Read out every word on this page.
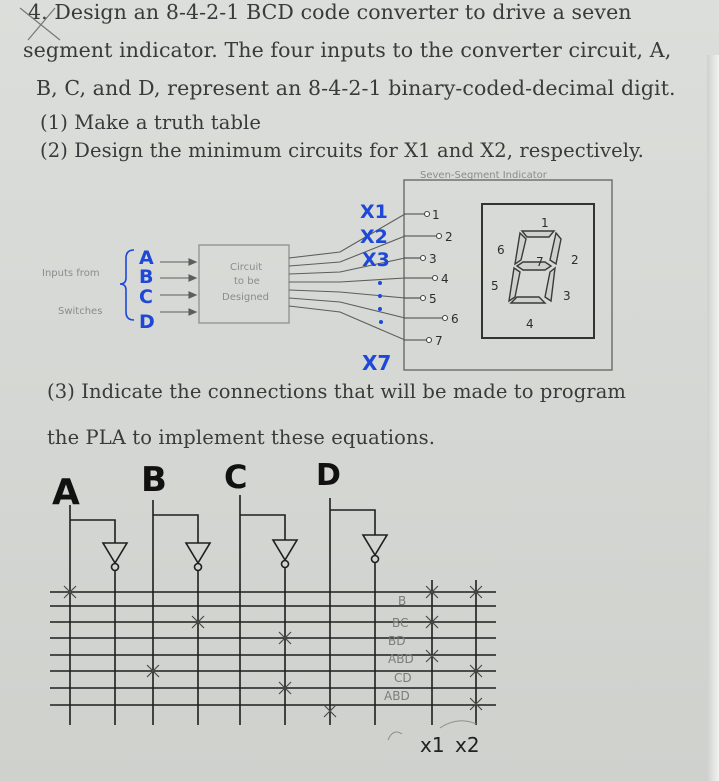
4. Design an 8-4-2-1 BCD code converter to drive a seven
segment indicator. The four inputs to the converter circuit, A,
B, C, and D, represent an 8-4-2-1 binary-coded-decimal digit.
(1) Make a truth table
(2) Design the minimum circuits for X1 and X2, respectively.
(3) Indicate the connections that will be made to program
the PLA to implement these equations.
Seven-Segment Indicator
Inputs from
Switches
Circuit
to be
Designed
1
2
3
4
5
6
7
1
2
3
4
5
6
7
A
B
C
D
X1
X2
X3
X7
A B C D
B
BC
BD
ABD
CD
ABD
x1 x2
